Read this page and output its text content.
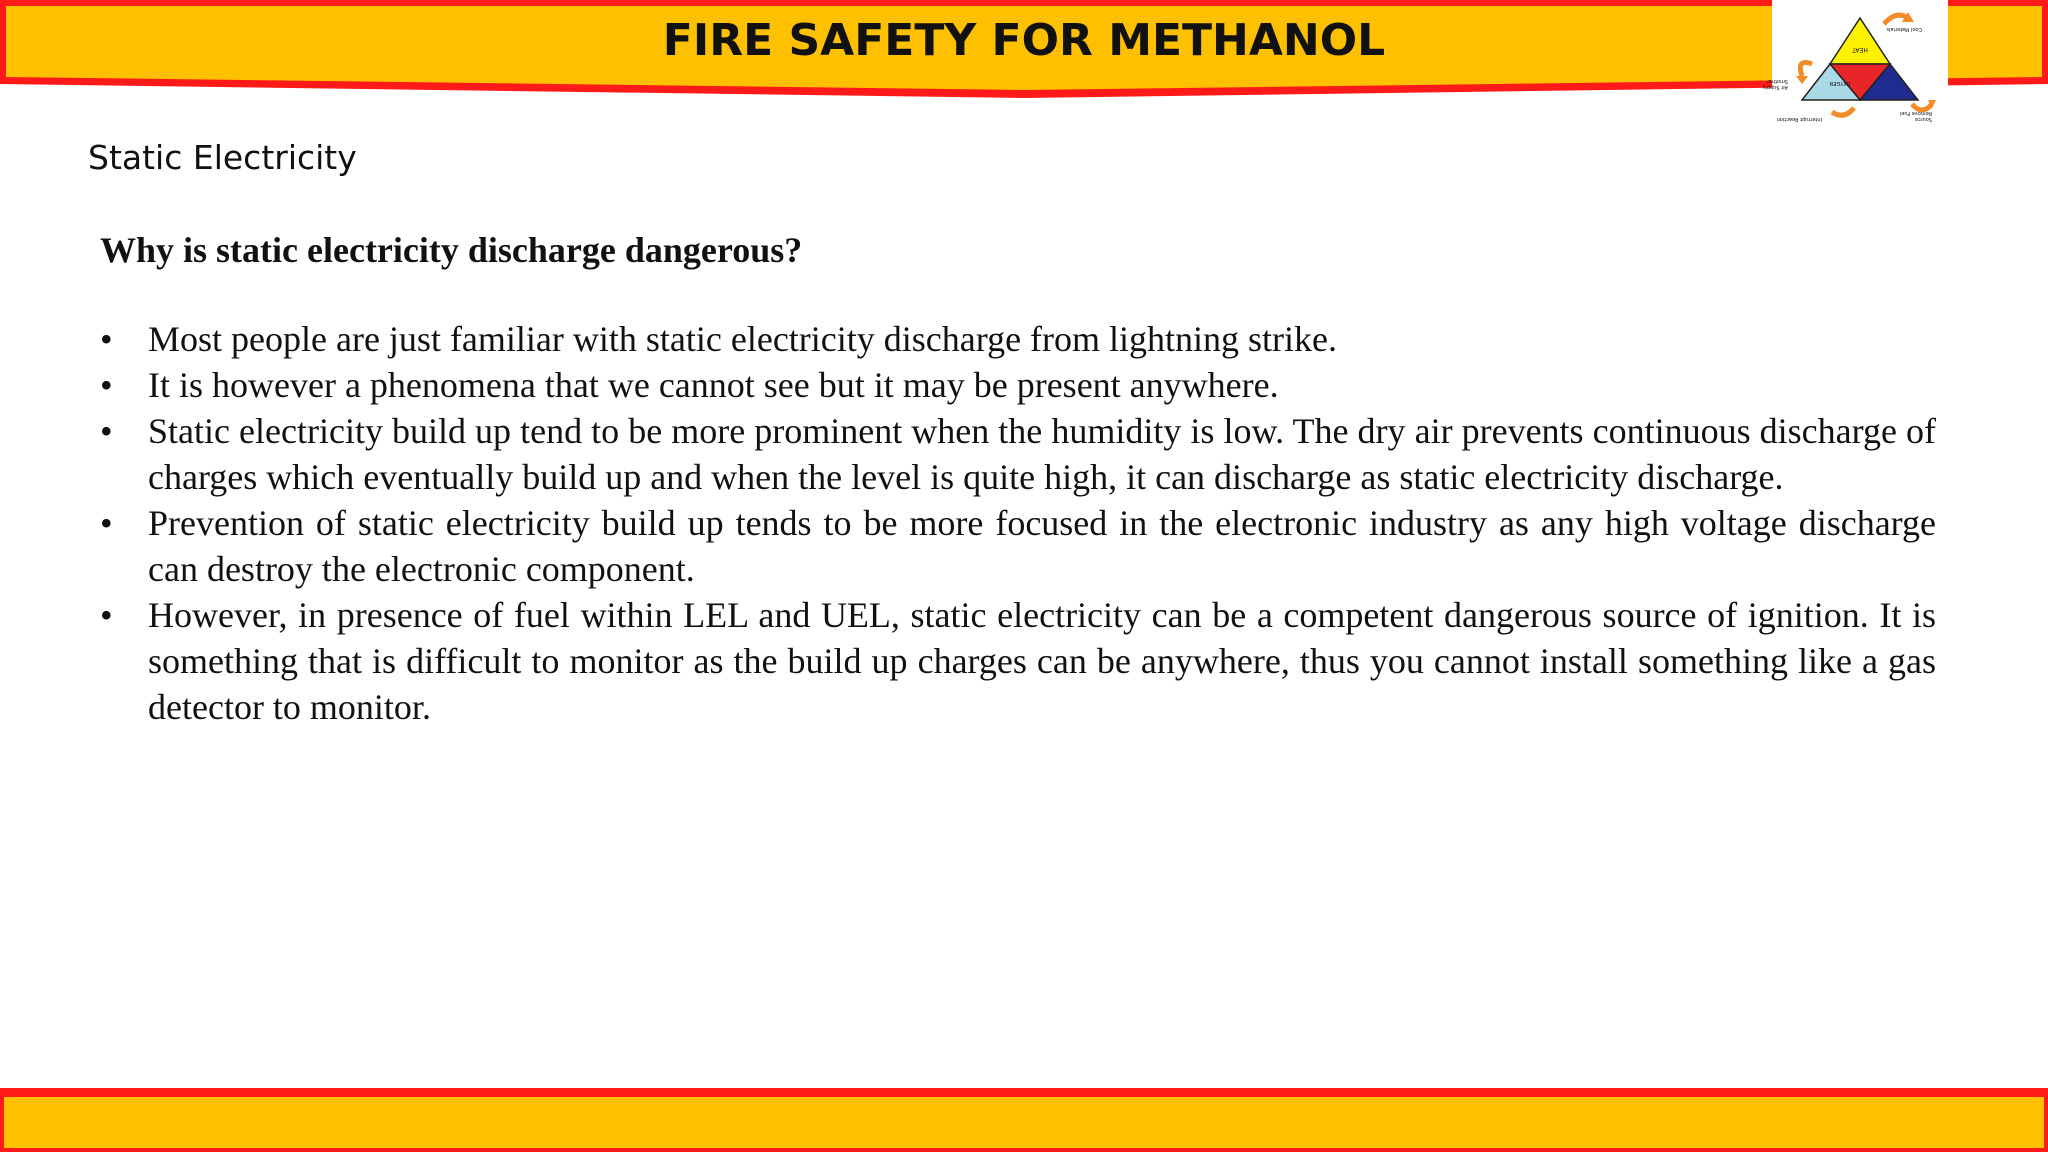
FIRE SAFETY FOR METHANOL	HEAT
OXYGEN
Cool Materials
Smother
Air Supply
Remove Fuel
Source
Interrupt Reaction
Static Electricity

Why is static electricity discharge dangerous?

• Most people are just familiar with static electricity discharge from lightning strike.
• It is however a phenomena that we cannot see but it may be present anywhere.
• Static electricity build up tend to be more prominent when the humidity is low. The dry air prevents continuous discharge of charges which eventually build up and when the level is quite high, it can discharge as static electricity discharge.
• Prevention of static electricity build up tends to be more focused in the electronic industry as any high voltage discharge can destroy the electronic component.
• However, in presence of fuel within LEL and UEL, static electricity can be a competent dangerous source of ignition. It is something that is difficult to monitor as the build up charges can be anywhere, thus you cannot install something like a gas detector to monitor.
